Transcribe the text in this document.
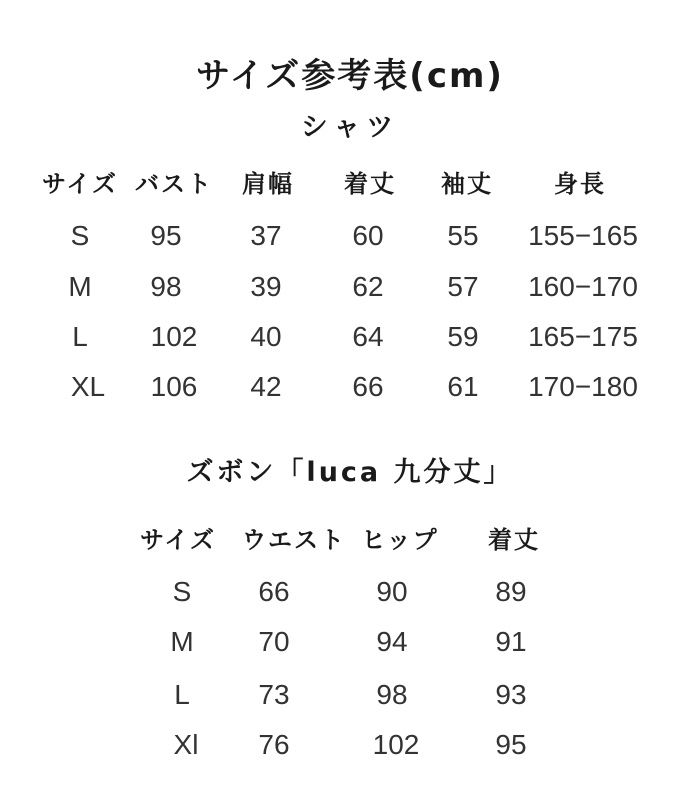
サイズ参考表(cm)
シャツ
サイズ バスト 肩幅 着丈 袖丈	身長
S 95 37	60 55 155−165
M 98 39	62 57 160−170
L 102 40	64 59 165−175
XL 106 42	66 61 170−180
ズボン「luca 九分丈」
サイズ ウエスト ヒップ 着丈
S 66	90	89
M 70	94	91
L 73	98	93
Xl 76	102	95
